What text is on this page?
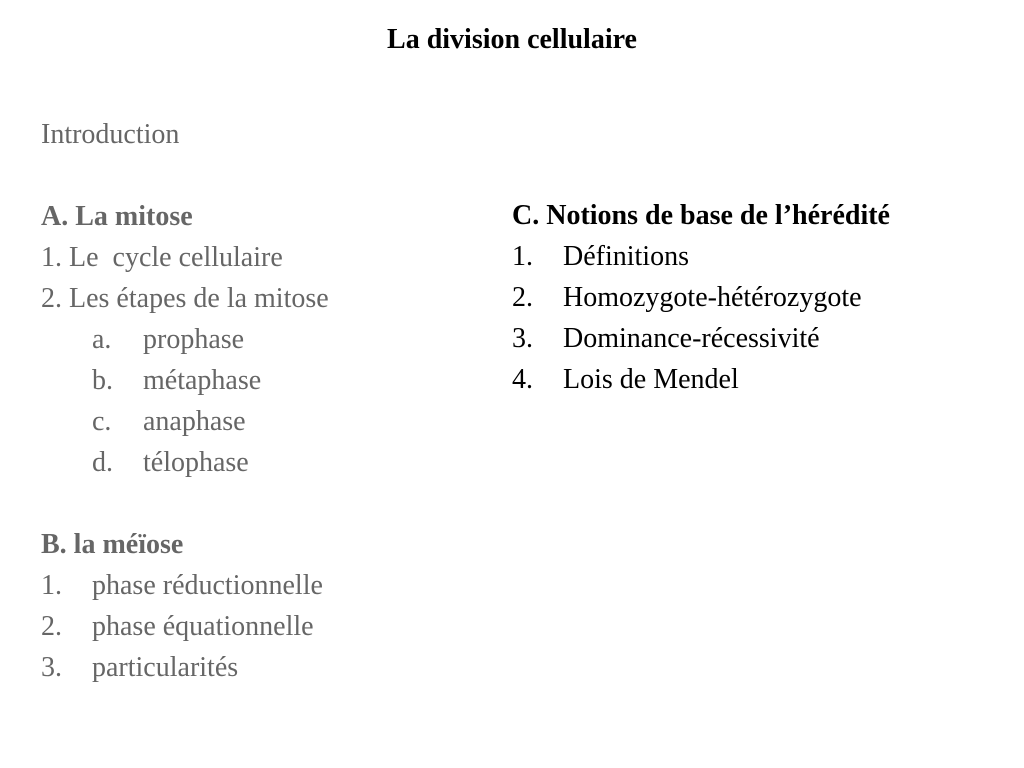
La division cellulaire
Introduction
A. La mitose
1. Le  cycle cellulaire
2. Les étapes de la mitose
a. prophase
b. métaphase
c. anaphase
d. télophase
B. la méïose
1. phase réductionnelle
2. phase équationnelle
3. particularités
C. Notions de base de l’hérédité
1. Définitions
2. Homozygote-hétérozygote
3. Dominance-récessivité
4. Lois de Mendel
